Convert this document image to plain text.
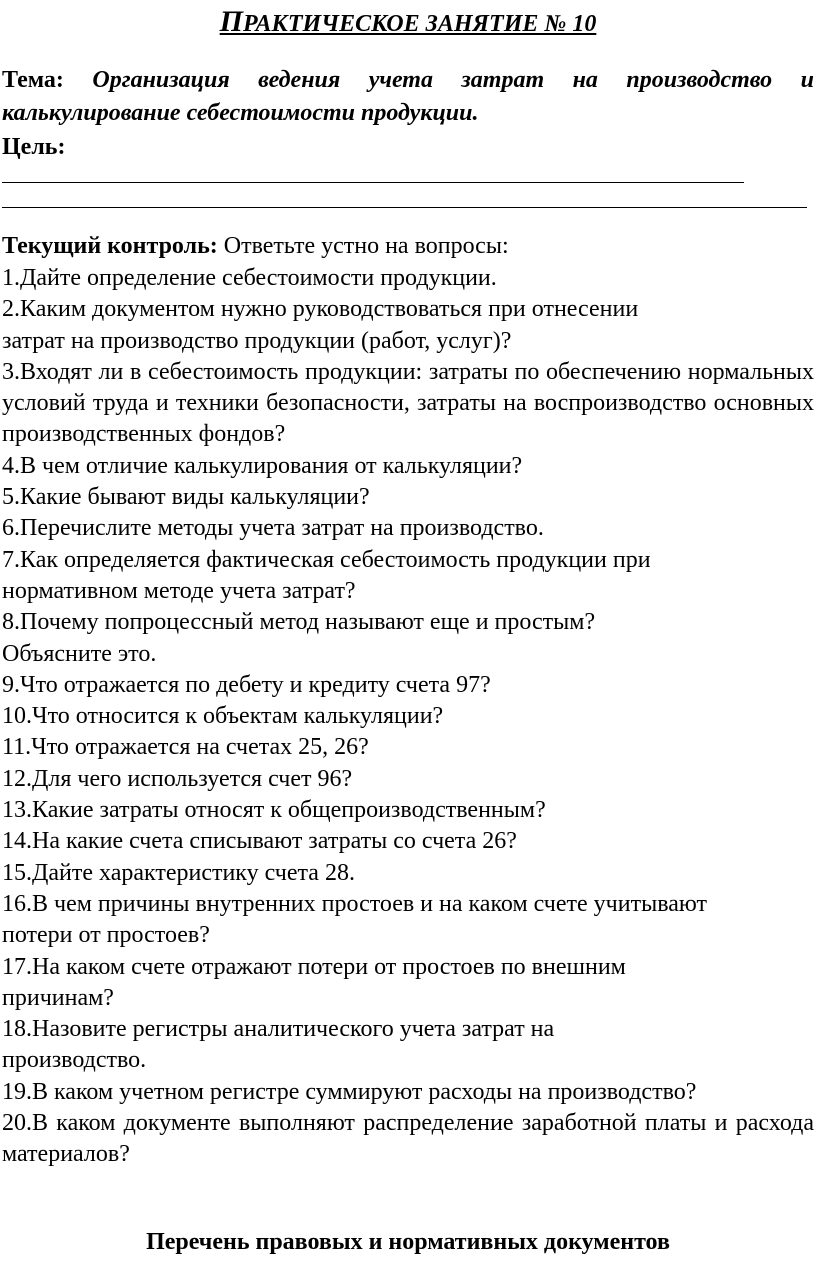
ПРАКТИЧЕСКОЕ ЗАНЯТИЕ № 10
Тема: Организация ведения учета затрат на производство и калькулирование себестоимости продукции.
Цель:
Текущий контроль: Ответьте устно на вопросы:
1.Дайте определение себестоимости продукции.
2.Каким документом нужно руководствоваться при отнесении
затрат на производство продукции (работ, услуг)?
3.Входят ли в себестоимость продукции: затраты по обеспечению нормальных условий труда и техники безопасности, затраты на воспроизводство основных производственных фондов?
4.В чем отличие калькулирования от калькуляции?
5.Какие бывают виды калькуляции?
6.Перечислите методы учета затрат на производство.
7.Как определяется фактическая себестоимость продукции при
нормативном методе учета затрат?
8.Почему попроцессный метод называют еще и простым?
Объясните это.
9.Что отражается по дебету и кредиту счета 97?
10.Что относится к объектам калькуляции?
11.Что отражается на счетах 25, 26?
12.Для чего используется счет 96?
13.Какие затраты относят к общепроизводственным?
14.На какие счета списывают затраты со счета 26?
15.Дайте характеристику счета 28.
16.В чем причины внутренних простоев и на каком счете учитывают
потери от простоев?
17.На каком счете отражают потери от простоев по внешним
причинам?
18.Назовите регистры аналитического учета затрат на
производство.
19.В каком учетном регистре суммируют расходы на производство?
20.В каком документе выполняют распределение заработной платы и расхода материалов?
Перечень правовых и нормативных документов
